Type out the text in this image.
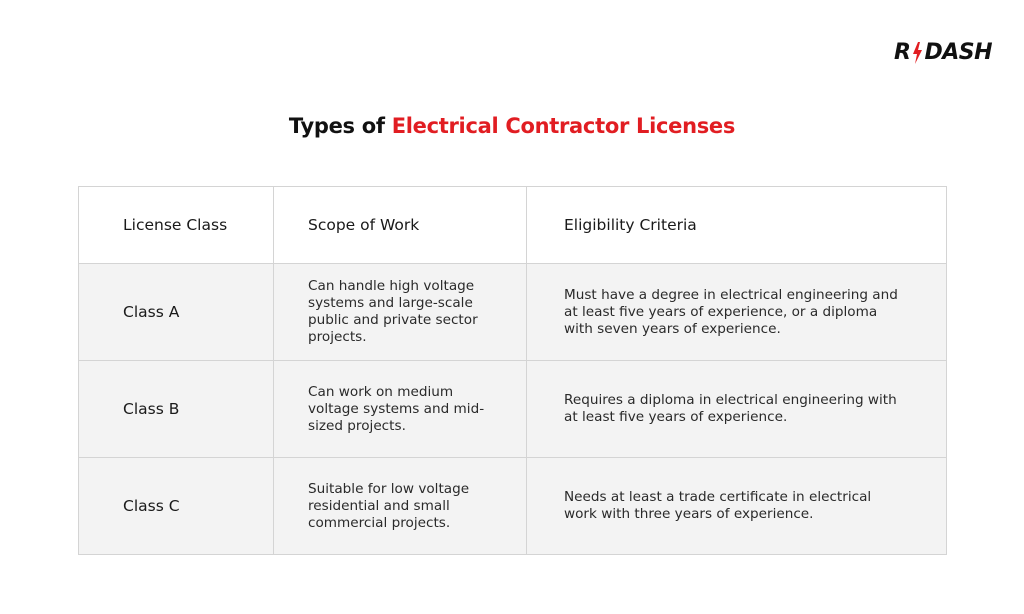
R DASH
Types of Electrical Contractor Licenses
License Class	Scope of Work	Eligibility Criteria
Class A	Can handle high voltage systems and large-scale public and private sector projects.	Must have a degree in electrical engineering and at least five years of experience, or a diploma with seven years of experience.
Class B	Can work on medium voltage systems and mid-sized projects.	Requires a diploma in electrical engineering with at least five years of experience.
Class C	Suitable for low voltage residential and small commercial projects.	Needs at least a trade certificate in electrical work with three years of experience.
